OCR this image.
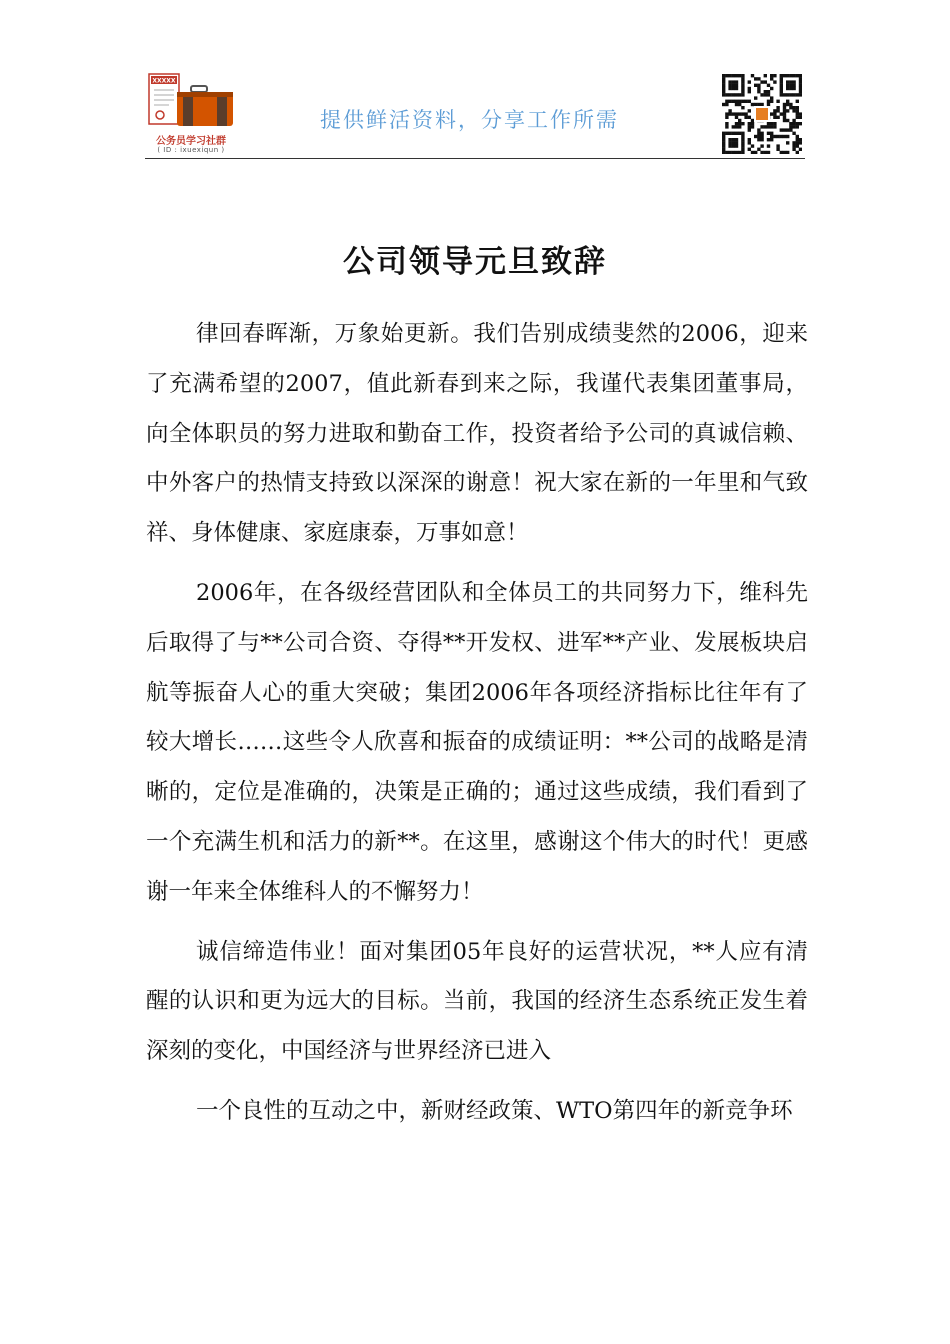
XXXXX
公务员学习社群
( ID : ixuexiqun )
提供鲜活资料，分享工作所需
公司领导元旦致辞

律回春晖渐，万象始更新。我们告别成绩斐然的2006，迎来了充满希望的2007，值此新春到来之际，我谨代表集团董事局，向全体职员的努力进取和勤奋工作，投资者给予公司的真诚信赖、中外客户的热情支持致以深深的谢意！祝大家在新的一年里和气致祥、身体健康、家庭康泰，万事如意！

2006年，在各级经营团队和全体员工的共同努力下，维科先后取得了与**公司合资、夺得**开发权、进军**产业、发展板块启航等振奋人心的重大突破；集团2006年各项经济指标比往年有了较大增长……这些令人欣喜和振奋的成绩证明：**公司的战略是清晰的，定位是准确的，决策是正确的；通过这些成绩，我们看到了一个充满生机和活力的新**。在这里，感谢这个伟大的时代！更感谢一年来全体维科人的不懈努力！

诚信缔造伟业！面对集团05年良好的运营状况，**人应有清醒的认识和更为远大的目标。当前，我国的经济生态系统正发生着深刻的变化，中国经济与世界经济已进入

一个良性的互动之中，新财经政策、WTO第四年的新竞争环
